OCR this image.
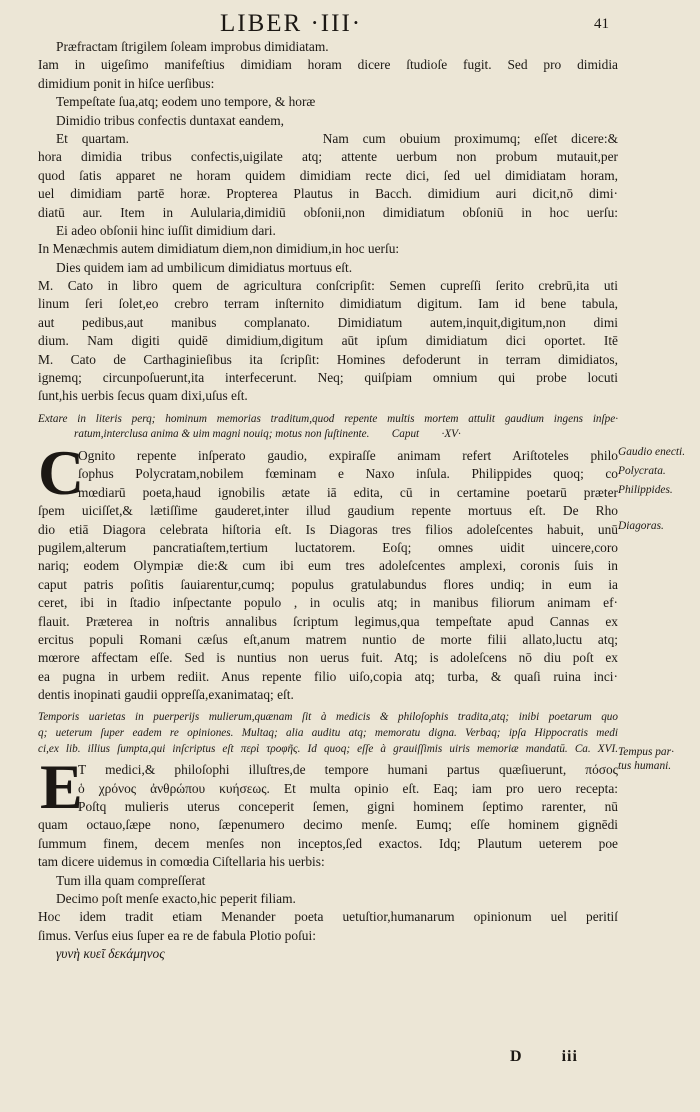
LIBER ·III·	41
Præfractam ſtrigilem ſoleam improbus dimidiatam.
Iam in uigeſimo manifeſtius dimidiam horam dicere ſtudioſe fugit. Sed pro dimidia
dimidium ponit in hiſce uerſibus:
Tempeſtate ſua,atq; eodem uno tempore, & horæ
Dimidio tribus confectis duntaxat eandem,
Et quartam.              Nam cum obuium proximumq; eſſet dicere:&
hora dimidia tribus confectis,uigilate atq; attente uerbum non probum mutauit,per
quod ſatis apparet ne horam quidem dimidiam recte dici, ſed uel dimidiatam horam,
uel dimidiam partē horæ. Propterea Plautus in Bacch. dimidium auri dicit,nō dimi·
diatū aur. Item in Aulularia,dimidiū obſonii,non dimidiatum obſoniū in hoc uerſu:
Ei adeo obſonii hinc iuſſit dimidium dari.
In Menæchmis autem dimidiatum diem,non dimidium,in hoc uerſu:
Dies quidem iam ad umbilicum dimidiatus mortuus eſt.
M. Cato in libro quem de agricultura conſcripſit: Semen cupreſſi ſerito crebrū,ita uti
linum ſeri ſolet,eo crebro terram inſternito dimidiatum digitum. Iam id bene tabula,
aut pedibus,aut manibus complanato. Dimidiatum autem,inquit,digitum,non dimi
dium. Nam digiti quidē dimidium,digitum aūt ipſum dimidiatum dici oportet. Itē
M. Cato de Carthaginieſibus ita ſcripſit: Homines defoderunt in terram dimidiatos,
ignemq; circunpoſuerunt,ita interfecerunt. Neq; quiſpiam omnium qui probe locuti
ſunt,his uerbis ſecus quam dixi,uſus eſt.
Extare in literis perq; hominum memorias traditum,quod repente multis mortem attulit gaudium ingens inſpe·
ratum,interclusa anima & uim magni nouiq; motus non ſuſtinente.        Caput        ·XV·
C
Ognito repente inſperato gaudio, expiraſſe animam refert Ariſtoteles philo
ſophus Polycratam,nobilem fœminam e Naxo inſula. Philippides quoq; co
mœdiarū poeta,haud ignobilis ætate iā edita, cū in certamine poetarū præter
ſpem uiciſſet,& lætiſſime gauderet,inter illud gaudium repente mortuus eſt. De Rho
dio etiā Diagora celebrata hiſtoria eſt. Is Diagoras tres filios adoleſcentes habuit, unū
pugilem,alterum pancratiaſtem,tertium luctatorem. Eoſq; omnes uidit uincere,coro
nariq; eodem Olympiæ die:& cum ibi eum tres adoleſcentes amplexi, coronis ſuis in
caput patris poſitis ſauiarentur,cumq; populus gratulabundus flores undiq; in eum ia
ceret, ibi in ſtadio inſpectante populo , in oculis atq; in manibus filiorum animam ef·
flauit. Præterea in noſtris annalibus ſcriptum legimus,qua tempeſtate apud Cannas ex
ercitus populi Romani cæſus eſt,anum matrem nuntio de morte filii allato,luctu atq;
mœrore affectam eſſe. Sed is nuntius non uerus fuit. Atq; is adoleſcens nō diu poſt ex
ea pugna in urbem rediit. Anus repente filio uiſo,copia atq; turba, & quaſi ruina inci·
dentis inopinati gaudii oppreſſa,exanimataq; eſt.
Temporis uarietas in puerperijs mulierum,quænam ſit à medicis & philoſophis tradita,atq; inibi poetarum quo
q; ueterum ſuper eadem re opiniones. Multaq; alia auditu atq; memoratu digna. Verbaq; ipſa Hippocratis medi
ci,ex lib. illius ſumpta,qui inſcriptus eſt περὶ τροφῆς. Id quoq; eſſe à grauiſſimis uiris memoriæ mandatū. Ca. XVI.
E
T medici,& philoſophi illuſtres,de tempore humani partus quæſiuerunt, πόσος
ὁ χρόνος ἀνθρώπου κυήσεως. Et multa opinio eſt. Eaq; iam pro uero recepta:
Poſtq mulieris uterus conceperit ſemen, gigni hominem ſeptimo rarenter, nū
quam octauo,ſæpe nono, ſæpenumero decimo menſe. Eumq; eſſe hominem gignēdi
ſummum finem, decem menſes non inceptos,ſed exactos. Idq; Plautum ueterem poe
tam dicere uidemus in comœdia Ciſtellaria his uerbis:
Tum illa quam compreſſerat
Decimo poſt menſe exacto,hic peperit filiam.
Hoc idem tradit etiam Menander poeta uetuſtior,humanarum opinionum uel peritiſ
ſimus. Verſus eius ſuper ea re de fabula Plotio poſui:
γυνὴ κυεῖ δεκάμηνος
Gaudio enecti.
Polycrata.
Philippides.
Diagoras.
Tempus par·
tus humani.
D iii
